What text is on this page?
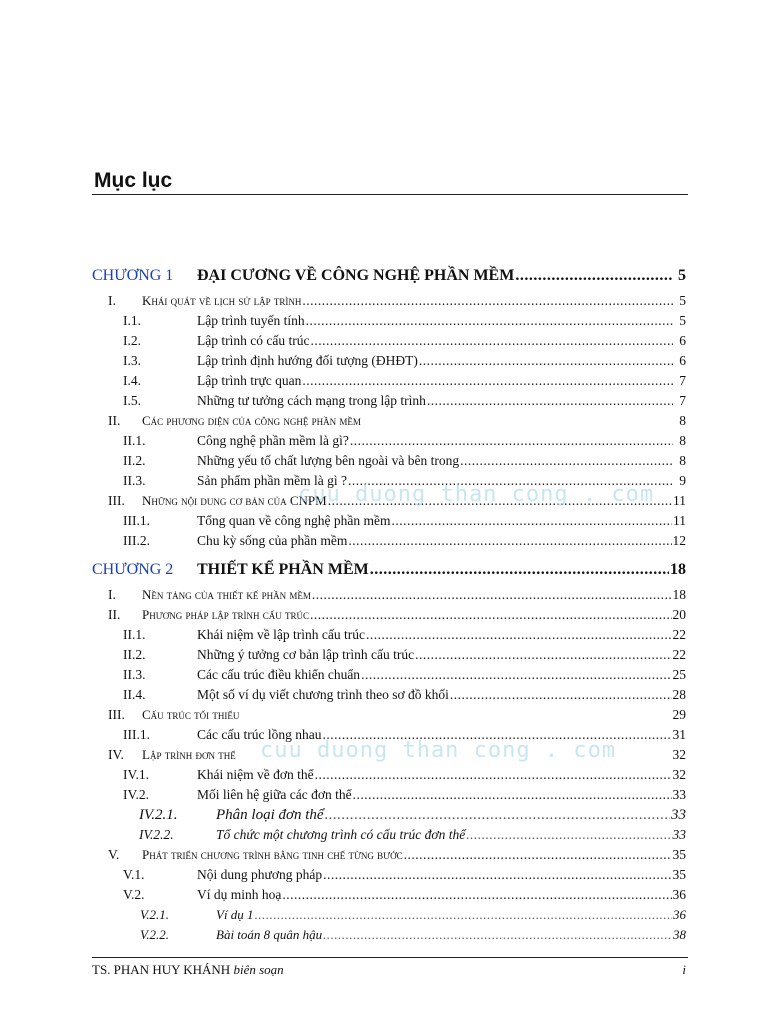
Mục lục
CHƯƠNG 1	ĐẠI CƯƠNG VỀ CÔNG NGHỆ PHẦN MỀM .....	5
I.	Khái quát về lịch sử lập trình .....	5
I.1.	Lập trình tuyến tính .....	5
I.2.	Lập trình có cấu trúc .....	6
I.3.	Lập trình định hướng đối tượng (ĐHĐT) .....	6
I.4.	Lập trình trực quan .....	7
I.5.	Những tư tưởng cách mạng trong lập trình .....	7
II.	Các phương diện của công nghệ phần mềm	8
II.1.	Công nghệ phần mềm là gì? .....	8
II.2.	Những yếu tố chất lượng bên ngoài và bên trong .....	8
II.3.	Sản phẩm phần mềm là gì ? .....	9
III.	Những nội dung cơ bản của CNPM .....	11
III.1.	Tổng quan về công nghệ phần mềm .....	11
III.2.	Chu kỳ sống của phần mềm .....	12
CHƯƠNG 2	THIẾT KẾ PHẦN MỀM .....	18
I.	Nền tảng của thiết kế phần mềm .....	18
II.	Phương pháp lập trình cấu trúc .....	20
II.1.	Khái niệm về lập trình cấu trúc .....	22
II.2.	Những ý tưởng cơ bản lập trình cấu trúc .....	22
II.3.	Các cấu trúc điều khiển chuẩn .....	25
II.4.	Một số ví dụ viết chương trình theo sơ đồ khối .....	28
III.	Cấu trúc tối thiểu	29
III.1.	Các cấu trúc lồng nhau .....	31
IV.	Lập trình đơn thể	32
IV.1.	Khái niệm về đơn thể .....	32
IV.2.	Mối liên hệ giữa các đơn thể .....	33
IV.2.1.	Phân loại đơn thể .....	33
IV.2.2.	Tổ chức một chương trình có cấu trúc đơn thể .....	33
V.	Phát triển chương trình bằng tinh chế từng bước .....	35
V.1.	Nội dung phương pháp .....	35
V.2.	Ví dụ minh hoạ .....	36
V.2.1.	Ví dụ 1 .....	36
V.2.2.	Bài toán 8 quân hậu .....	38
cuu duong than cong . com
cuu duong than cong . com
TS. PHAN HUY KHÁNH biên soạn	i
